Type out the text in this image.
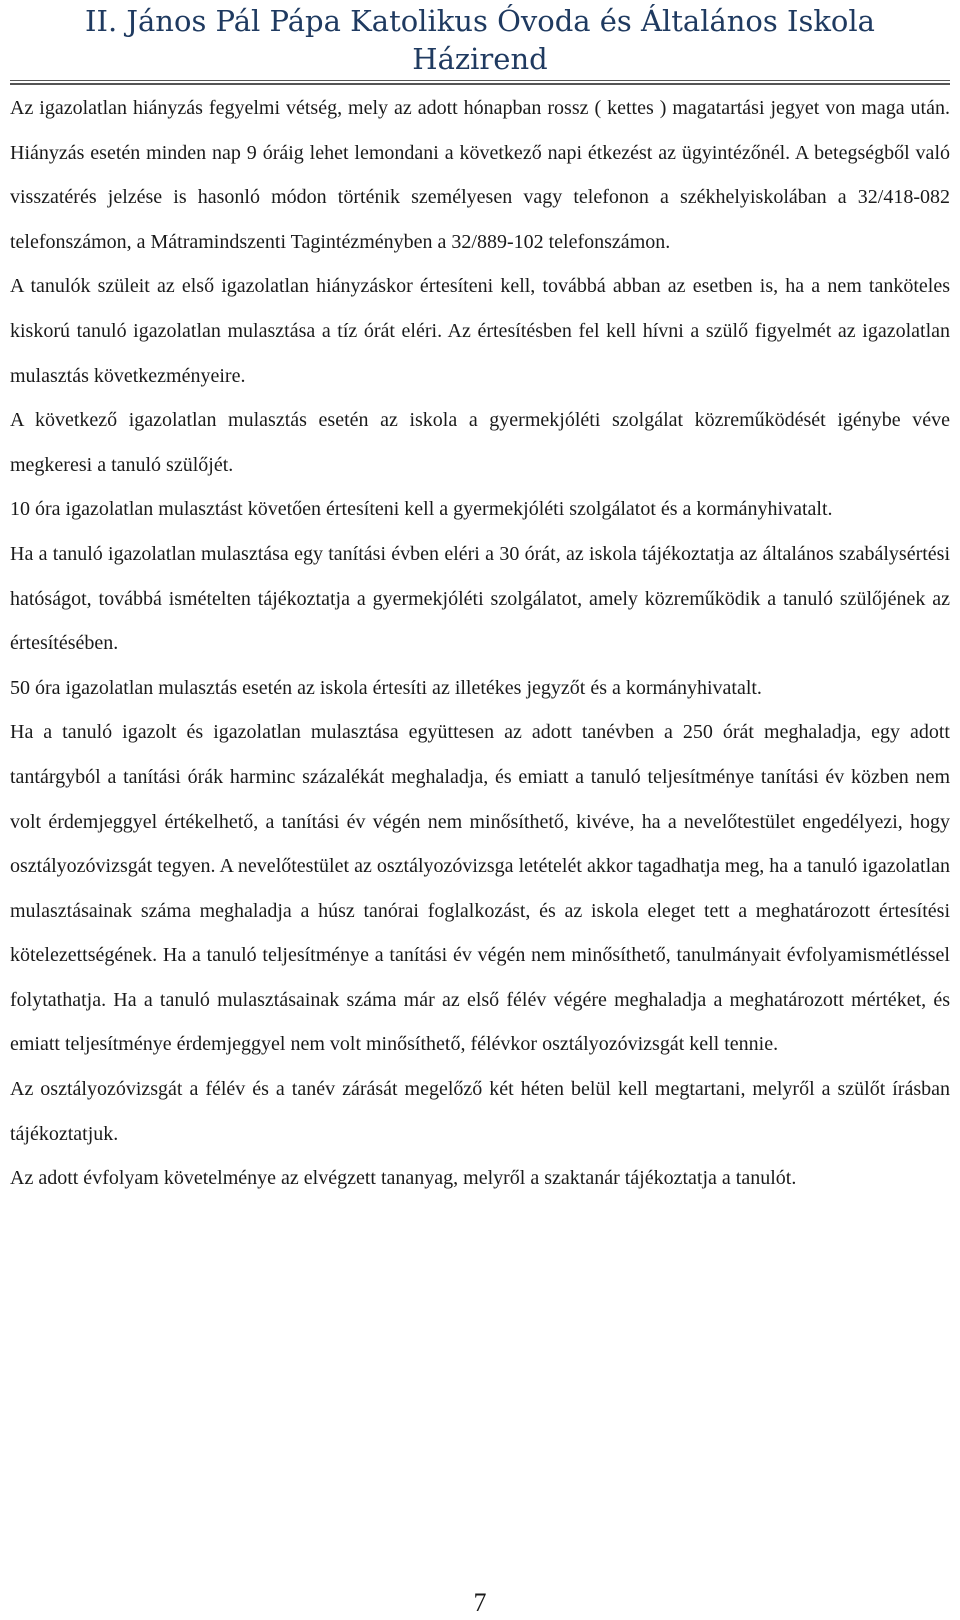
II. János Pál Pápa Katolikus Óvoda és Általános Iskola
Házirend

Az igazolatlan hiányzás fegyelmi vétség, mely az adott hónapban rossz ( kettes ) magatartási jegyet von maga után. Hiányzás esetén minden nap 9 óráig lehet lemondani a következő napi étkezést az ügyintézőnél. A betegségből való visszatérés jelzése is hasonló módon történik személyesen vagy telefonon a székhelyiskolában a 32/418-082 telefonszámon, a Mátramindszenti Tagintézményben a 32/889-102 telefonszámon.

A tanulók szüleit az első igazolatlan hiányzáskor értesíteni kell, továbbá abban az esetben is, ha a nem tanköteles kiskorú tanuló igazolatlan mulasztása a tíz órát eléri. Az értesítésben fel kell hívni a szülő figyelmét az igazolatlan mulasztás következményeire.

A következő igazolatlan mulasztás esetén az iskola a gyermekjóléti szolgálat közreműködését igénybe véve megkeresi a tanuló szülőjét.

10 óra igazolatlan mulasztást követően értesíteni kell a gyermekjóléti szolgálatot és a kormányhivatalt.

Ha a tanuló igazolatlan mulasztása egy tanítási évben eléri a 30 órát, az iskola tájékoztatja az általános szabálysértési hatóságot, továbbá ismételten tájékoztatja a gyermekjóléti szolgálatot, amely közreműködik a tanuló szülőjének az értesítésében.

50 óra igazolatlan mulasztás esetén az iskola értesíti az illetékes jegyzőt és a kormányhivatalt.

Ha a tanuló igazolt és igazolatlan mulasztása együttesen az adott tanévben a 250 órát meghaladja, egy adott tantárgyból a tanítási órák harminc százalékát meghaladja, és emiatt a tanuló teljesítménye tanítási év közben nem volt érdemjeggyel értékelhető, a tanítási év végén nem minősíthető, kivéve, ha a nevelőtestület engedélyezi, hogy osztályozóvizsgát tegyen. A nevelőtestület az osztályozóvizsga letételét akkor tagadhatja meg, ha a tanuló igazolatlan mulasztásainak száma meghaladja a húsz tanórai foglalkozást, és az iskola eleget tett a meghatározott értesítési kötelezettségének. Ha a tanuló teljesítménye a tanítási év végén nem minősíthető, tanulmányait évfolyamismétléssel folytathatja. Ha a tanuló mulasztásainak száma már az első félév végére meghaladja a meghatározott mértéket, és emiatt teljesítménye érdemjeggyel nem volt minősíthető, félévkor osztályozóvizsgát kell tennie.

Az osztályozóvizsgát a félév és a tanév zárását megelőző két héten belül kell megtartani, melyről a szülőt írásban tájékoztatjuk.

Az adott évfolyam követelménye az elvégzett tananyag, melyről a szaktanár tájékoztatja a tanulót.

7
